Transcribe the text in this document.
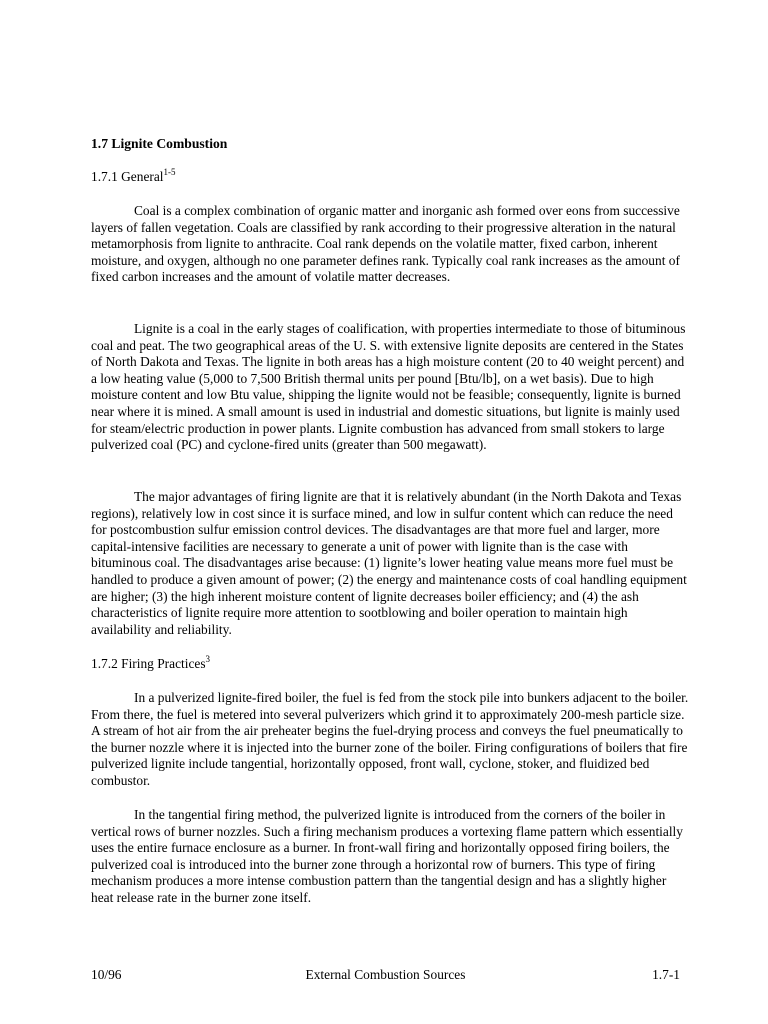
1.7 Lignite Combustion
1.7.1 General$^{1-5}$

Coal is a complex combination of organic matter and inorganic ash formed over eons from successive layers of fallen vegetation. Coals are classified by rank according to their progressive alteration in the natural metamorphosis from lignite to anthracite. Coal rank depends on the volatile matter, fixed carbon, inherent moisture, and oxygen, although no one parameter defines rank. Typically coal rank increases as the amount of fixed carbon increases and the amount of volatile matter decreases.

Lignite is a coal in the early stages of coalification, with properties intermediate to those of bituminous coal and peat. The two geographical areas of the U. S. with extensive lignite deposits are centered in the States of North Dakota and Texas. The lignite in both areas has a high moisture content (20 to 40 weight percent) and a low heating value (5,000 to 7,500 British thermal units per pound [Btu/lb], on a wet basis). Due to high moisture content and low Btu value, shipping the lignite would not be feasible; consequently, lignite is burned near where it is mined. A small amount is used in industrial and domestic situations, but lignite is mainly used for steam/electric production in power plants. Lignite combustion has advanced from small stokers to large pulverized coal (PC) and cyclone-fired units (greater than 500 megawatt).

The major advantages of firing lignite are that it is relatively abundant (in the North Dakota and Texas regions), relatively low in cost since it is surface mined, and low in sulfur content which can reduce the need for postcombustion sulfur emission control devices. The disadvantages are that more fuel and larger, more capital-intensive facilities are necessary to generate a unit of power with lignite than is the case with bituminous coal. The disadvantages arise because: (1) lignite’s lower heating value means more fuel must be handled to produce a given amount of power; (2) the energy and maintenance costs of coal handling equipment are higher; (3) the high inherent moisture content of lignite decreases boiler efficiency; and (4) the ash characteristics of lignite require more attention to sootblowing and boiler operation to maintain high availability and reliability.

1.7.2 Firing Practices$^3$

In a pulverized lignite-fired boiler, the fuel is fed from the stock pile into bunkers adjacent to the boiler. From there, the fuel is metered into several pulverizers which grind it to approximately 200-mesh particle size. A stream of hot air from the air preheater begins the fuel-drying process and conveys the fuel pneumatically to the burner nozzle where it is injected into the burner zone of the boiler. Firing configurations of boilers that fire pulverized lignite include tangential, horizontally opposed, front wall, cyclone, stoker, and fluidized bed combustor.

In the tangential firing method, the pulverized lignite is introduced from the corners of the boiler in vertical rows of burner nozzles. Such a firing mechanism produces a vortexing flame pattern which essentially uses the entire furnace enclosure as a burner. In front-wall firing and horizontally opposed firing boilers, the pulverized coal is introduced into the burner zone through a horizontal row of burners. This type of firing mechanism produces a more intense combustion pattern than the tangential design and has a slightly higher heat release rate in the burner zone itself.

10/96	External Combustion Sources	1.7-1
